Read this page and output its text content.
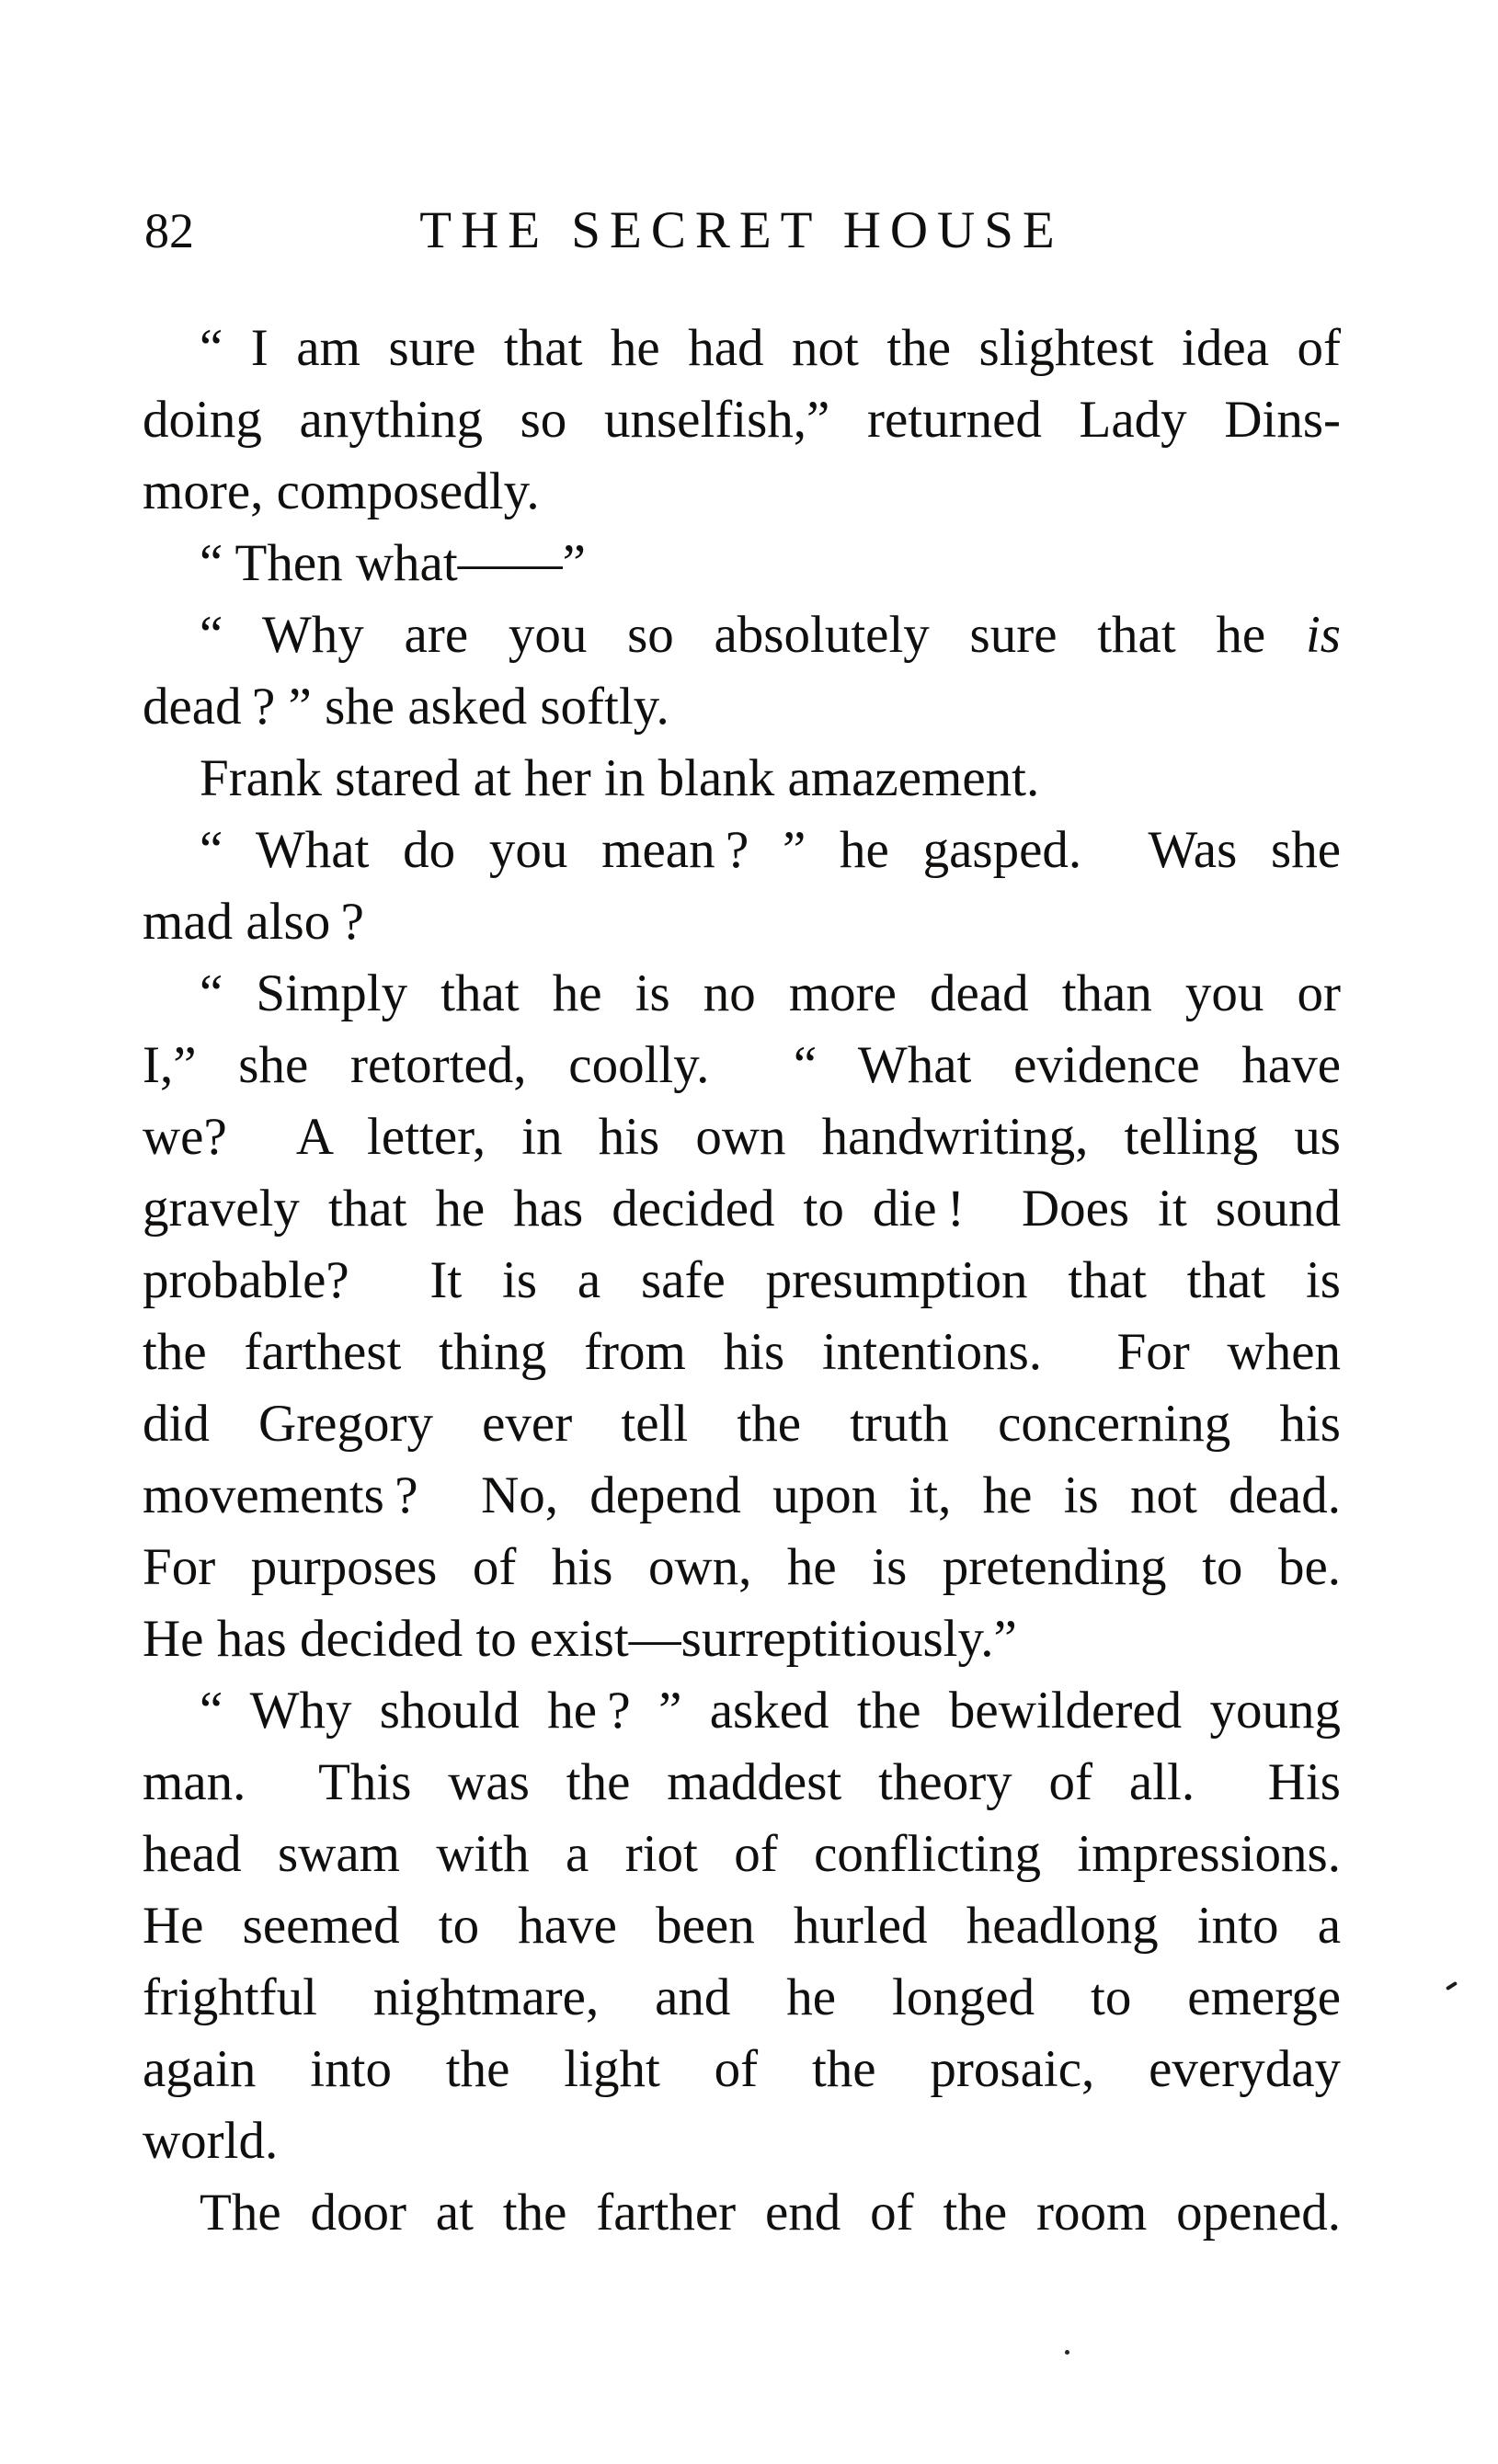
82	THE SECRET HOUSE
“ I am sure that he had not the slightest idea of
doing anything so unselfish,” returned Lady Dins-
more, composedly.
“ Then what——”
“ Why are you so absolutely sure that he is
dead ? ” she asked softly.
Frank stared at her in blank amazement.
“ What do you mean ? ” he gasped.  Was she
mad also ?
“ Simply that he is no more dead than you or
I,” she retorted, coolly.  “ What evidence have
we?  A letter, in his own handwriting, telling us
gravely that he has decided to die !  Does it sound
probable?  It is a safe presumption that that is
the farthest thing from his intentions.  For when
did Gregory ever tell the truth concerning his
movements ?  No, depend upon it, he is not dead.
For purposes of his own, he is pretending to be.
He has decided to exist—surreptitiously.”
“ Why should he ? ” asked the bewildered young
man.  This was the maddest theory of all.  His
head swam with a riot of conflicting impressions.
He seemed to have been hurled headlong into a
frightful nightmare, and he longed to emerge
again into the light of the prosaic, everyday
world.
The door at the farther end of the room opened.
